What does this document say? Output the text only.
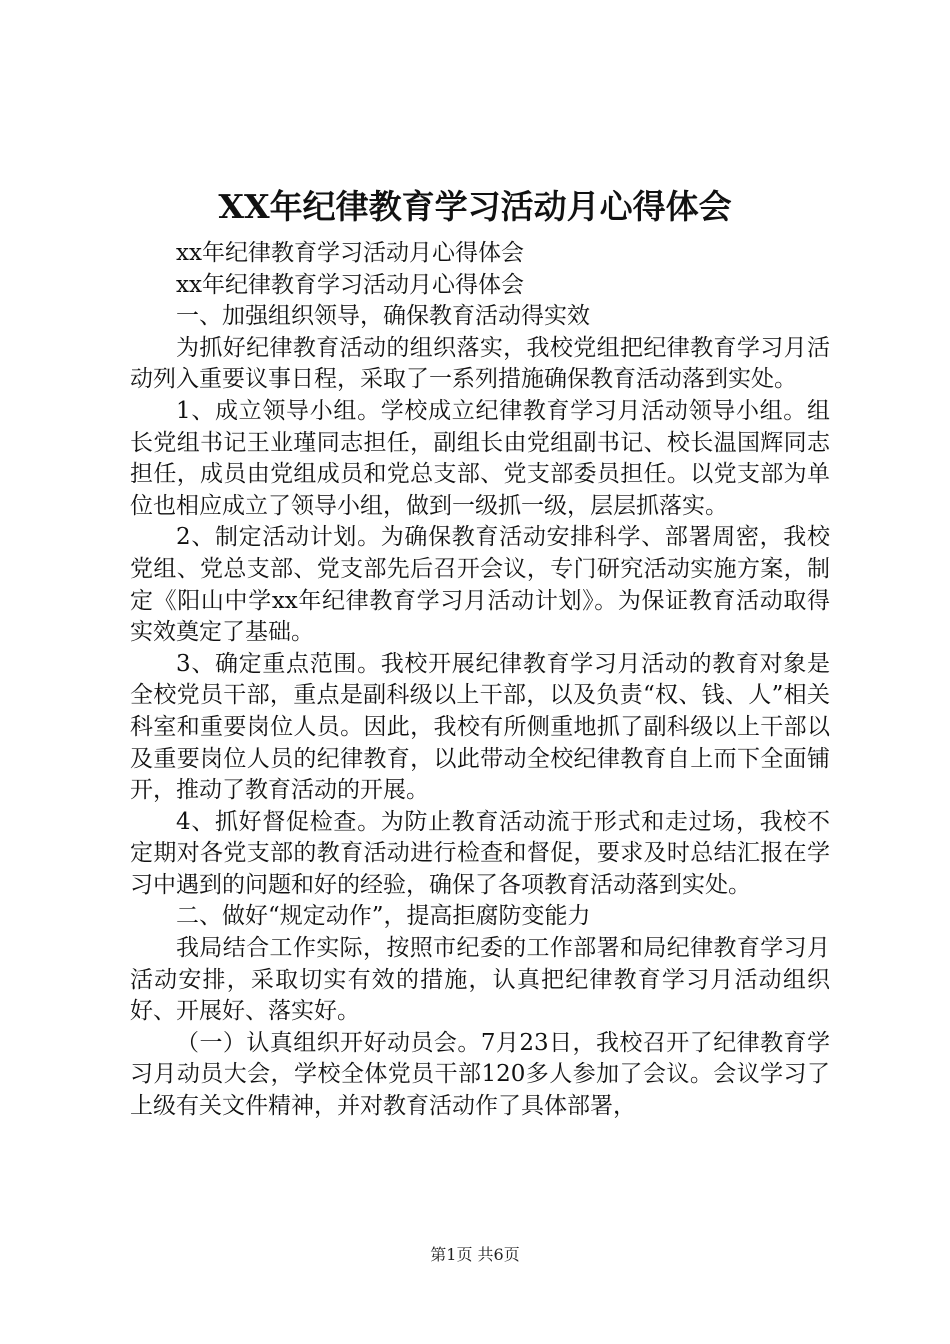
XX年纪律教育学习活动月心得体会

xx年纪律教育学习活动月心得体会

xx年纪律教育学习活动月心得体会

一、加强组织领导，确保教育活动得实效

为抓好纪律教育活动的组织落实，我校党组把纪律教育学习月活动列入重要议事日程，采取了一系列措施确保教育活动落到实处。

1、成立领导小组。学校成立纪律教育学习月活动领导小组。组长党组书记王业瑾同志担任，副组长由党组副书记、校长温国辉同志担任，成员由党组成员和党总支部、党支部委员担任。以党支部为单位也相应成立了领导小组，做到一级抓一级，层层抓落实。

2、制定活动计划。为确保教育活动安排科学、部署周密，我校党组、党总支部、党支部先后召开会议，专门研究活动实施方案，制定《阳山中学xx年纪律教育学习月活动计划》。为保证教育活动取得实效奠定了基础。

3、确定重点范围。我校开展纪律教育学习月活动的教育对象是全校党员干部，重点是副科级以上干部，以及负责“权、钱、人”相关科室和重要岗位人员。因此，我校有所侧重地抓了副科级以上干部以及重要岗位人员的纪律教育，以此带动全校纪律教育自上而下全面铺开，推动了教育活动的开展。

4、抓好督促检查。为防止教育活动流于形式和走过场，我校不定期对各党支部的教育活动进行检查和督促，要求及时总结汇报在学习中遇到的问题和好的经验，确保了各项教育活动落到实处。

二、做好“规定动作”，提高拒腐防变能力

我局结合工作实际，按照市纪委的工作部署和局纪律教育学习月活动安排，采取切实有效的措施，认真把纪律教育学习月活动组织好、开展好、落实好。

（一）认真组织开好动员会。7月23日，我校召开了纪律教育学习月动员大会，学校全体党员干部120多人参加了会议。会议学习了上级有关文件精神，并对教育活动作了具体部署，

第1页 共6页
